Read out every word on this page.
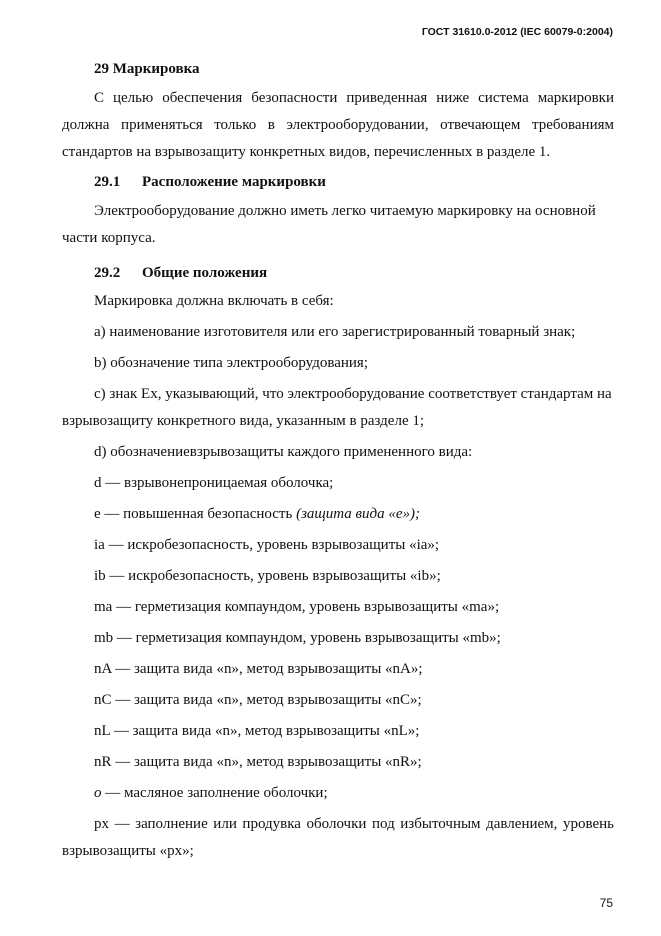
ГОСТ 31610.0-2012 (IEC 60079-0:2004)

29 Маркировка

С целью обеспечения безопасности приведенная ниже система маркировки должна применяться только в электрооборудовании, отвечающем требованиям стандартов на взрывозащиту конкретных видов, перечисленных в разделе 1.

29.1 Расположение маркировки

Электрооборудование должно иметь легко читаемую маркировку на основной части корпуса.

29.2 Общие положения

Маркировка должна включать в себя:

a) наименование изготовителя или его зарегистрированный товарный знак;

b) обозначение типа электрооборудования;

c) знак Ex, указывающий, что электрооборудование соответствует стандартам на взрывозащиту конкретного вида, указанным в разделе 1;

d) обозначениевзрывозащиты каждого примененного вида:

d — взрывонепроницаемая оболочка;

e — повышенная безопасность (защита вида «е»);

ia — искробезопасность, уровень взрывозащиты «ia»;

ib — искробезопасность, уровень взрывозащиты «ib»;

ma — герметизация компаундом, уровень взрывозащиты «ma»;

mb — герметизация компаундом, уровень взрывозащиты «mb»;

nA — защита вида «n», метод взрывозащиты «nA»;

nC — защита вида «n», метод взрывозащиты «nC»;

nL — защита вида «n», метод взрывозащиты «nL»;

nR — защита вида «n», метод взрывозащиты «nR»;

o — масляное заполнение оболочки;

px — заполнение или продувка оболочки под избыточным давлением, уровень взрывозащиты «px»;

75
